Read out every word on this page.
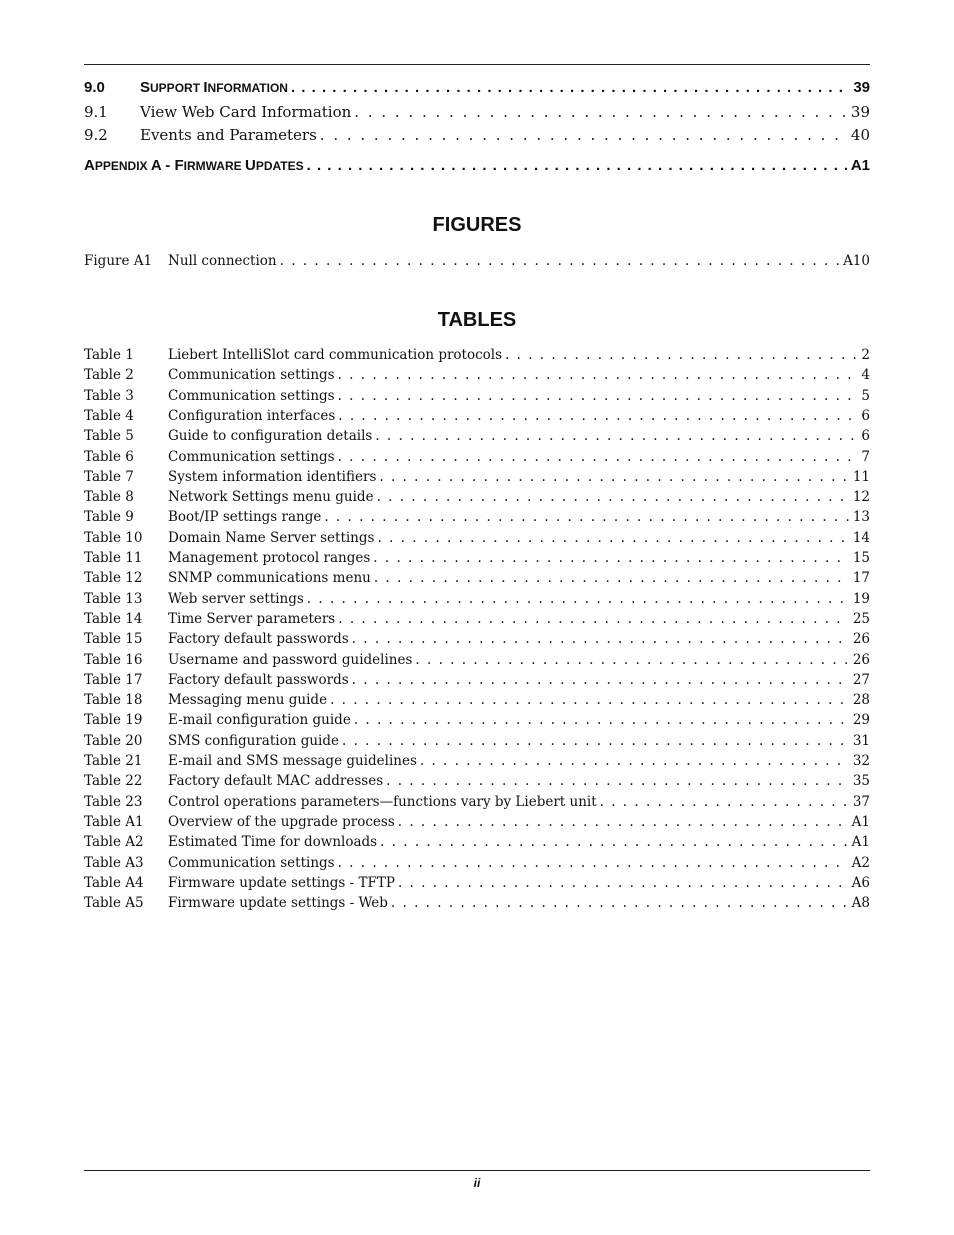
9.0	SUPPORT INFORMATION . . .	39
9.1	View Web Card Information . . .	39
9.2	Events and Parameters . . .	40
APPENDIX A - FIRMWARE UPDATES . . .	A1
FIGURES
Figure A1	Null connection . . .	A10
TABLES
Table 1	Liebert IntelliSlot card communication protocols . . .	2
Table 2	Communication settings . . .	4
Table 3	Communication settings . . .	5
Table 4	Configuration interfaces . . .	6
Table 5	Guide to configuration details . . .	6
Table 6	Communication settings . . .	7
Table 7	System information identifiers . . .	11
Table 8	Network Settings menu guide . . .	12
Table 9	Boot/IP settings range . . .	13
Table 10	Domain Name Server settings . . .	14
Table 11	Management protocol ranges . . .	15
Table 12	SNMP communications menu . . .	17
Table 13	Web server settings . . .	19
Table 14	Time Server parameters . . .	25
Table 15	Factory default passwords . . .	26
Table 16	Username and password guidelines . . .	26
Table 17	Factory default passwords . . .	27
Table 18	Messaging menu guide . . .	28
Table 19	E-mail configuration guide . . .	29
Table 20	SMS configuration guide . . .	31
Table 21	E-mail and SMS message guidelines . . .	32
Table 22	Factory default MAC addresses . . .	35
Table 23	Control operations parameters—functions vary by Liebert unit . . .	37
Table A1	Overview of the upgrade process . . .	A1
Table A2	Estimated Time for downloads . . .	A1
Table A3	Communication settings . . .	A2
Table A4	Firmware update settings - TFTP . . .	A6
Table A5	Firmware update settings - Web . . .	A8
ii
